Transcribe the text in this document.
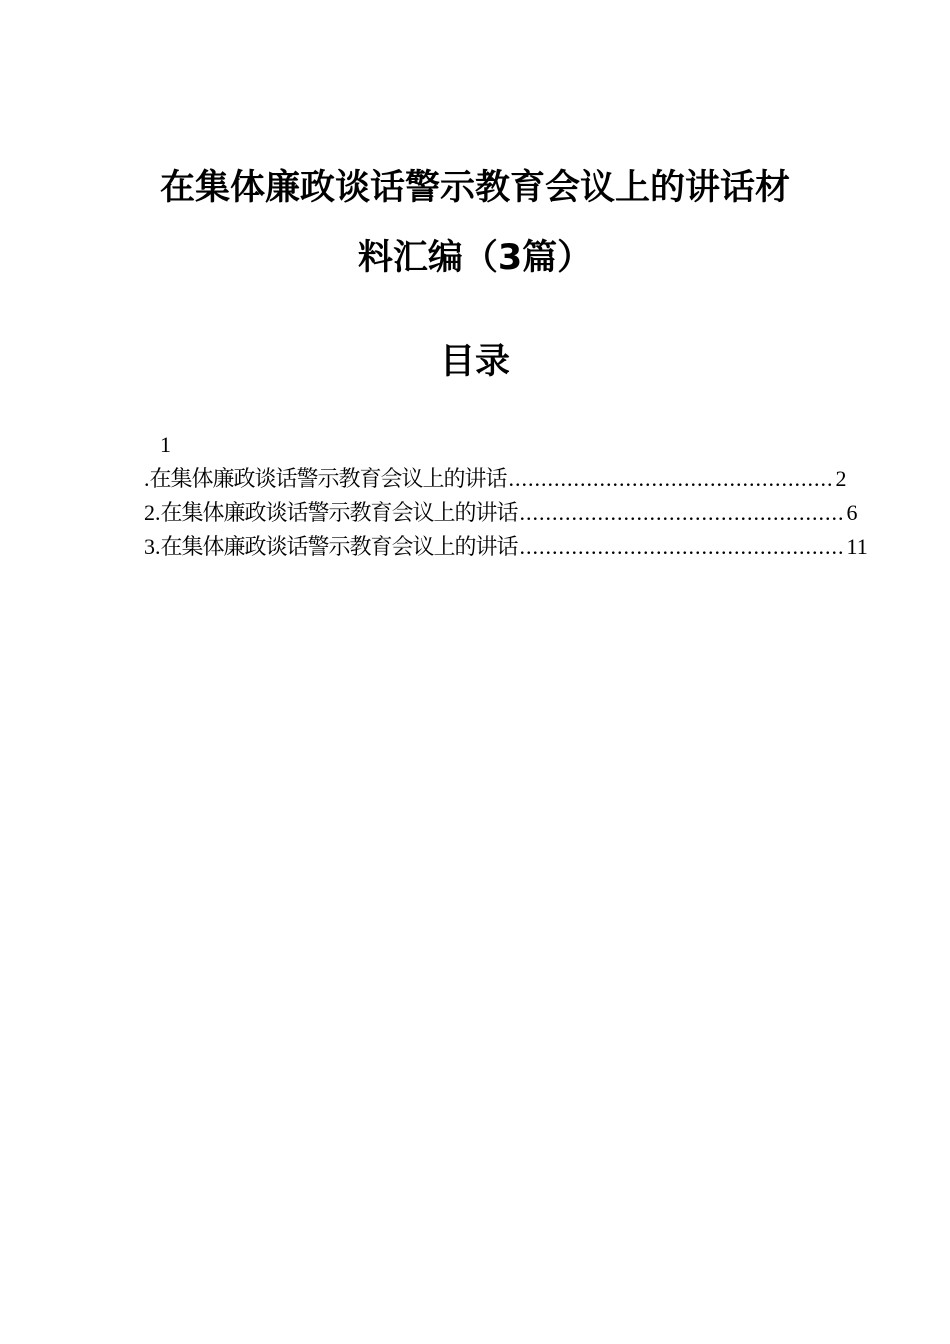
在集体廉政谈话警示教育会议上的讲话材
料汇编（3篇）
目录
1
. 在集体廉政谈话警示教育会议上的讲话 .................................................. 2
2. 在集体廉政谈话警示教育会议上的讲话 .................................................. 6
3. 在集体廉政谈话警示教育会议上的讲话 .................................................. 11
